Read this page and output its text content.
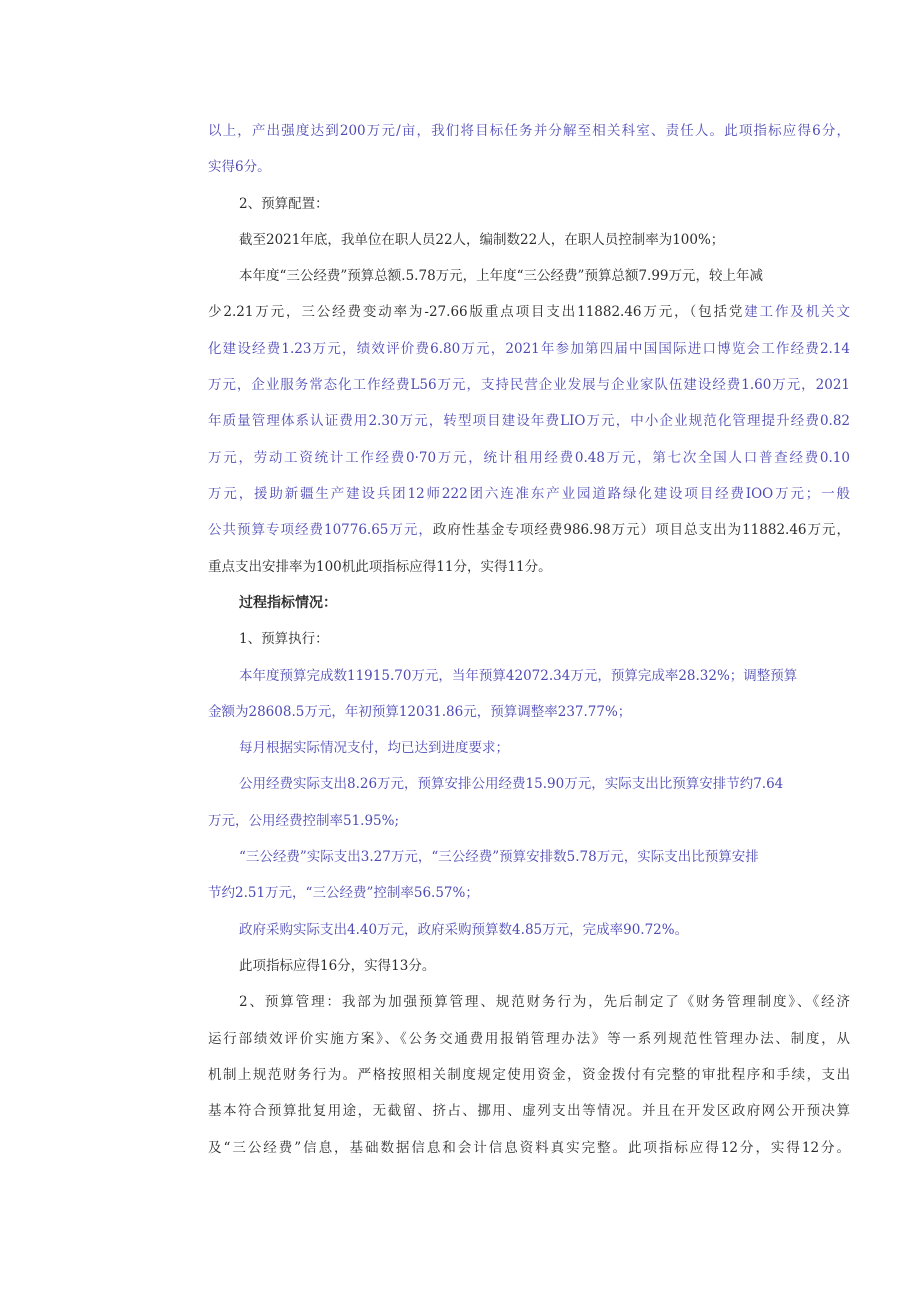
以上，产出强度达到200万元/亩，我们将目标任务并分解至相关科室、责任人。此项指标应得6分，
实得6分。
2、预算配置：
截至2021年底，我单位在职人员22人，编制数22人，在职人员控制率为100%；
本年度“三公经费”预算总额.5.78万元，上年度“三公经费”预算总额7.99万元，较上年减
少2.21万元，三公经费变动率为-27.66版重点项目支出11882.46万元，（包括党建工作及机关文
化建设经费1.23万元，绩效评价费6.80万元，2021年参加第四届中国国际进口博览会工作经费2.14
万元，企业服务常态化工作经费L56万元，支持民营企业发展与企业家队伍建设经费1.60万元，2021
年质量管理体系认证费用2.30万元，转型项目建设年费LIO万元，中小企业规范化管理提升经费0.82
万元，劳动工资统计工作经费0·70万元，统计租用经费0.48万元，第七次全国人口普查经费0.10
万元，援助新疆生产建设兵团12师222团六连准东产业园道路绿化建设项目经费IOO万元；一般
公共预算专项经费10776.65万元，政府性基金专项经费986.98万元）项目总支出为11882.46万元，
重点支出安排率为100机此项指标应得11分，实得11分。
过程指标情况：
1、预算执行：
本年度预算完成数11915.70万元，当年预算42072.34万元，预算完成率28.32%；调整预算
金额为28608.5万元，年初预算12031.86元，预算调整率237.77%；
每月根据实际情况支付，均已达到进度要求；
公用经费实际支出8.26万元，预算安排公用经费15.90万元，实际支出比预算安排节约7.64
万元，公用经费控制率51.95%;
“三公经费”实际支出3.27万元，“三公经费”预算安排数5.78万元，实际支出比预算安排
节约2.51万元，“三公经费”控制率56.57%；
政府采购实际支出4.40万元，政府采购预算数4.85万元，完成率90.72%。
此项指标应得16分，实得13分。
2、预算管理：我部为加强预算管理、规范财务行为，先后制定了《财务管理制度》、《经济
运行部绩效评价实施方案》、《公务交通费用报销管理办法》等一系列规范性管理办法、制度，从
机制上规范财务行为。严格按照相关制度规定使用资金，资金拨付有完整的审批程序和手续，支出
基本符合预算批复用途，无截留、挤占、挪用、虚列支出等情况。并且在开发区政府网公开预决算
及“三公经费”信息，基础数据信息和会计信息资料真实完整。此项指标应得12分，实得12分。
